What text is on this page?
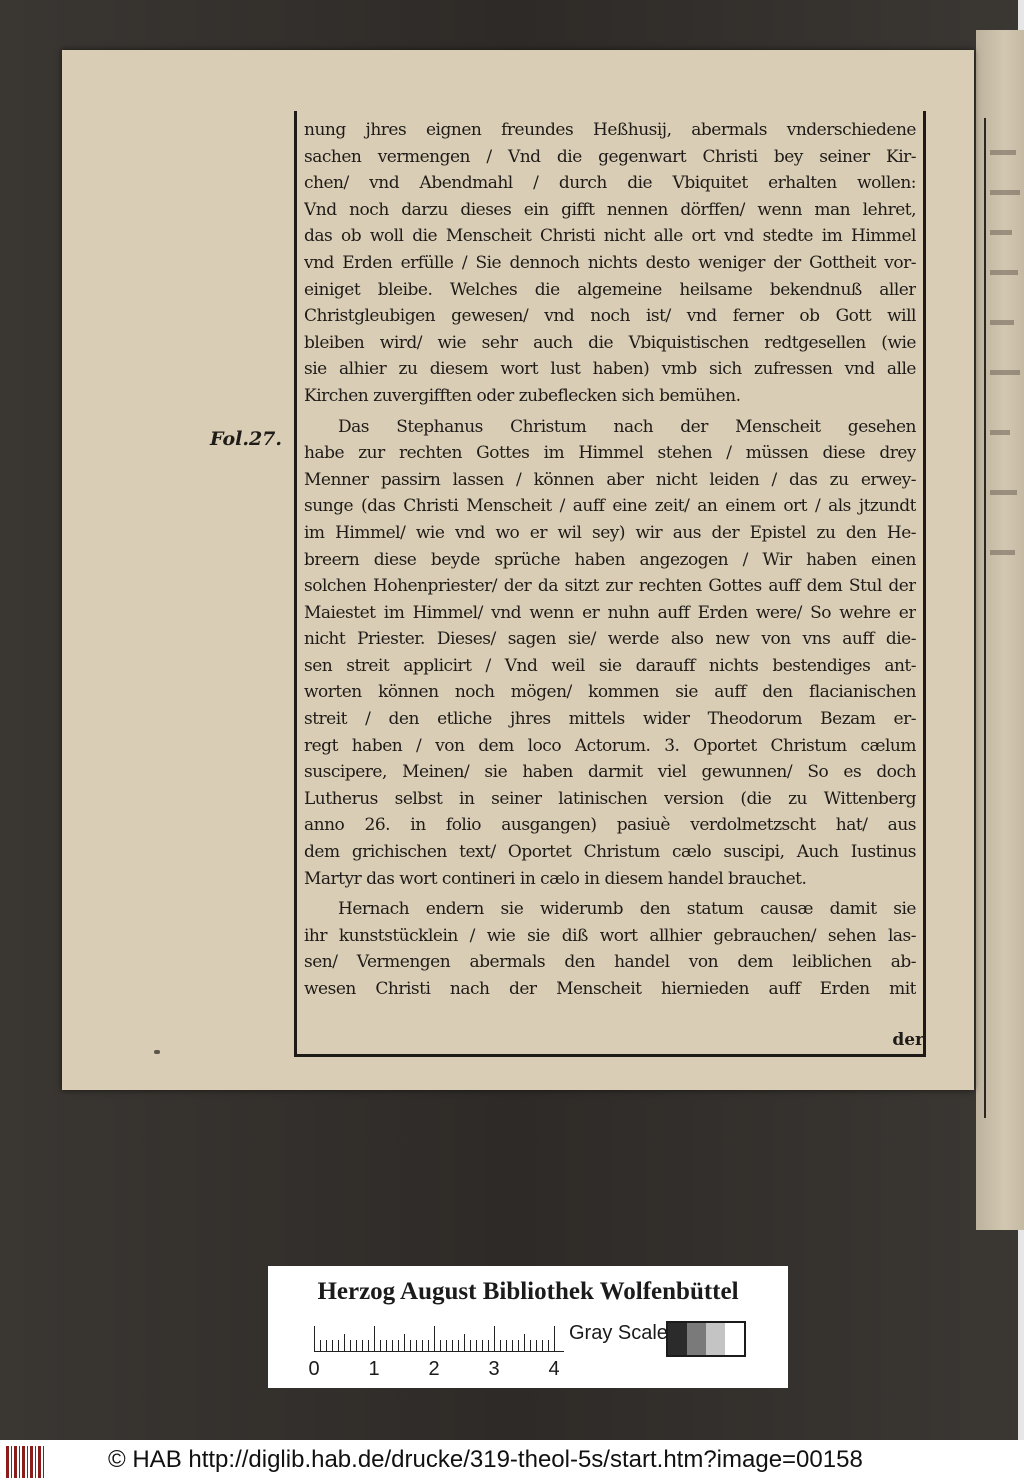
Fol.27.
nung jhres eignen freundes Heßhusij, abermals vnderschiedene
sachen vermengen / Vnd die gegenwart Christi bey seiner Kir-
chen/ vnd Abendmahl / durch die Vbiquitet erhalten wollen:
Vnd noch darzu dieses ein gifft nennen dörffen/ wenn man lehret,
das ob woll die Menscheit Christi nicht alle ort vnd stedte im Himmel
vnd Erden erfülle / Sie dennoch nichts desto weniger der Gottheit vor-
einiget bleibe. Welches die algemeine heilsame bekendnuß aller
Christgleubigen gewesen/ vnd noch ist/ vnd ferner ob Gott will
bleiben wird/ wie sehr auch die Vbiquistischen redtgesellen (wie
sie alhier zu diesem wort lust haben) vmb sich zufressen vnd alle
Kirchen zuvergifften oder zubeflecken sich bemühen.
Das Stephanus Christum nach der Menscheit gesehen
habe zur rechten Gottes im Himmel stehen / müssen diese drey
Menner passirn lassen / können aber nicht leiden / das zu erwey-
sunge (das Christi Menscheit / auff eine zeit/ an einem ort / als jtzundt
im Himmel/ wie vnd wo er wil sey) wir aus der Epistel zu den He-
breern diese beyde sprüche haben angezogen / Wir haben einen
solchen Hohenpriester/ der da sitzt zur rechten Gottes auff dem Stul der
Maiestet im Himmel/ vnd wenn er nuhn auff Erden were/ So wehre er
nicht Priester. Dieses/ sagen sie/ werde also new von vns auff die-
sen streit applicirt / Vnd weil sie darauff nichts bestendiges ant-
worten können noch mögen/ kommen sie auff den flacianischen
streit / den etliche jhres mittels wider Theodorum Bezam er-
regt haben / von dem loco Actorum. 3. Oportet Christum cælum
suscipere, Meinen/ sie haben darmit viel gewunnen/ So es doch
Lutherus selbst in seiner latinischen version (die zu Wittenberg
anno 26. in folio ausgangen) pasiuè verdolmetzscht hat/ aus
dem grichischen text/ Oportet Christum cælo suscipi, Auch Iustinus
Martyr das wort contineri in cælo in diesem handel brauchet.
Hernach endern sie widerumb den statum causæ damit sie
ihr kunststücklein / wie sie diß wort allhier gebrauchen/ sehen las-
sen/ Vermengen abermals den handel von dem leiblichen ab-
wesen Christi nach der Menscheit hiernieden auff Erden mit
der
Herzog August Bibliothek Wolfenbüttel
0 1 2 3 4
Gray Scale
© HAB http://diglib.hab.de/drucke/319-theol-5s/start.htm?image=00158
